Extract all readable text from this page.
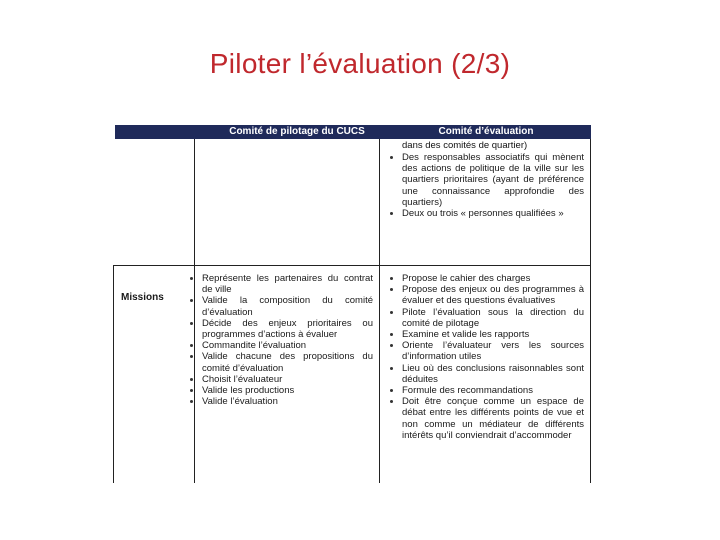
Piloter l’évaluation (2/3)
Comité de pilotage du CUCS	Comité d’évaluation
dans des comités de quartier)
Des responsables associatifs qui mènent des actions de politique de la ville sur les quartiers prioritaires (ayant de préférence une connaissance approfondie des quartiers)
Deux ou trois « personnes qualifiées »
Missions
Représente les partenaires du contrat de ville
Valide la composition du comité d’évaluation
Décide des enjeux prioritaires ou programmes d’actions à évaluer
Commandite l’évaluation
Valide chacune des propositions du comité d’évaluation
Choisit l’évaluateur
Valide les productions
Valide l’évaluation
Propose le cahier des charges
Propose des enjeux ou des programmes à évaluer et des questions évaluatives
Pilote l’évaluation sous la direction du comité de pilotage
Examine et valide les rapports
Oriente l’évaluateur vers les sources d’information utiles
Lieu où des conclusions raisonnables sont déduites
Formule des recommandations
Doit être conçue comme un espace de débat entre les différents points de vue et non comme un médiateur de différents intérêts qu’il conviendrait d’accommoder
